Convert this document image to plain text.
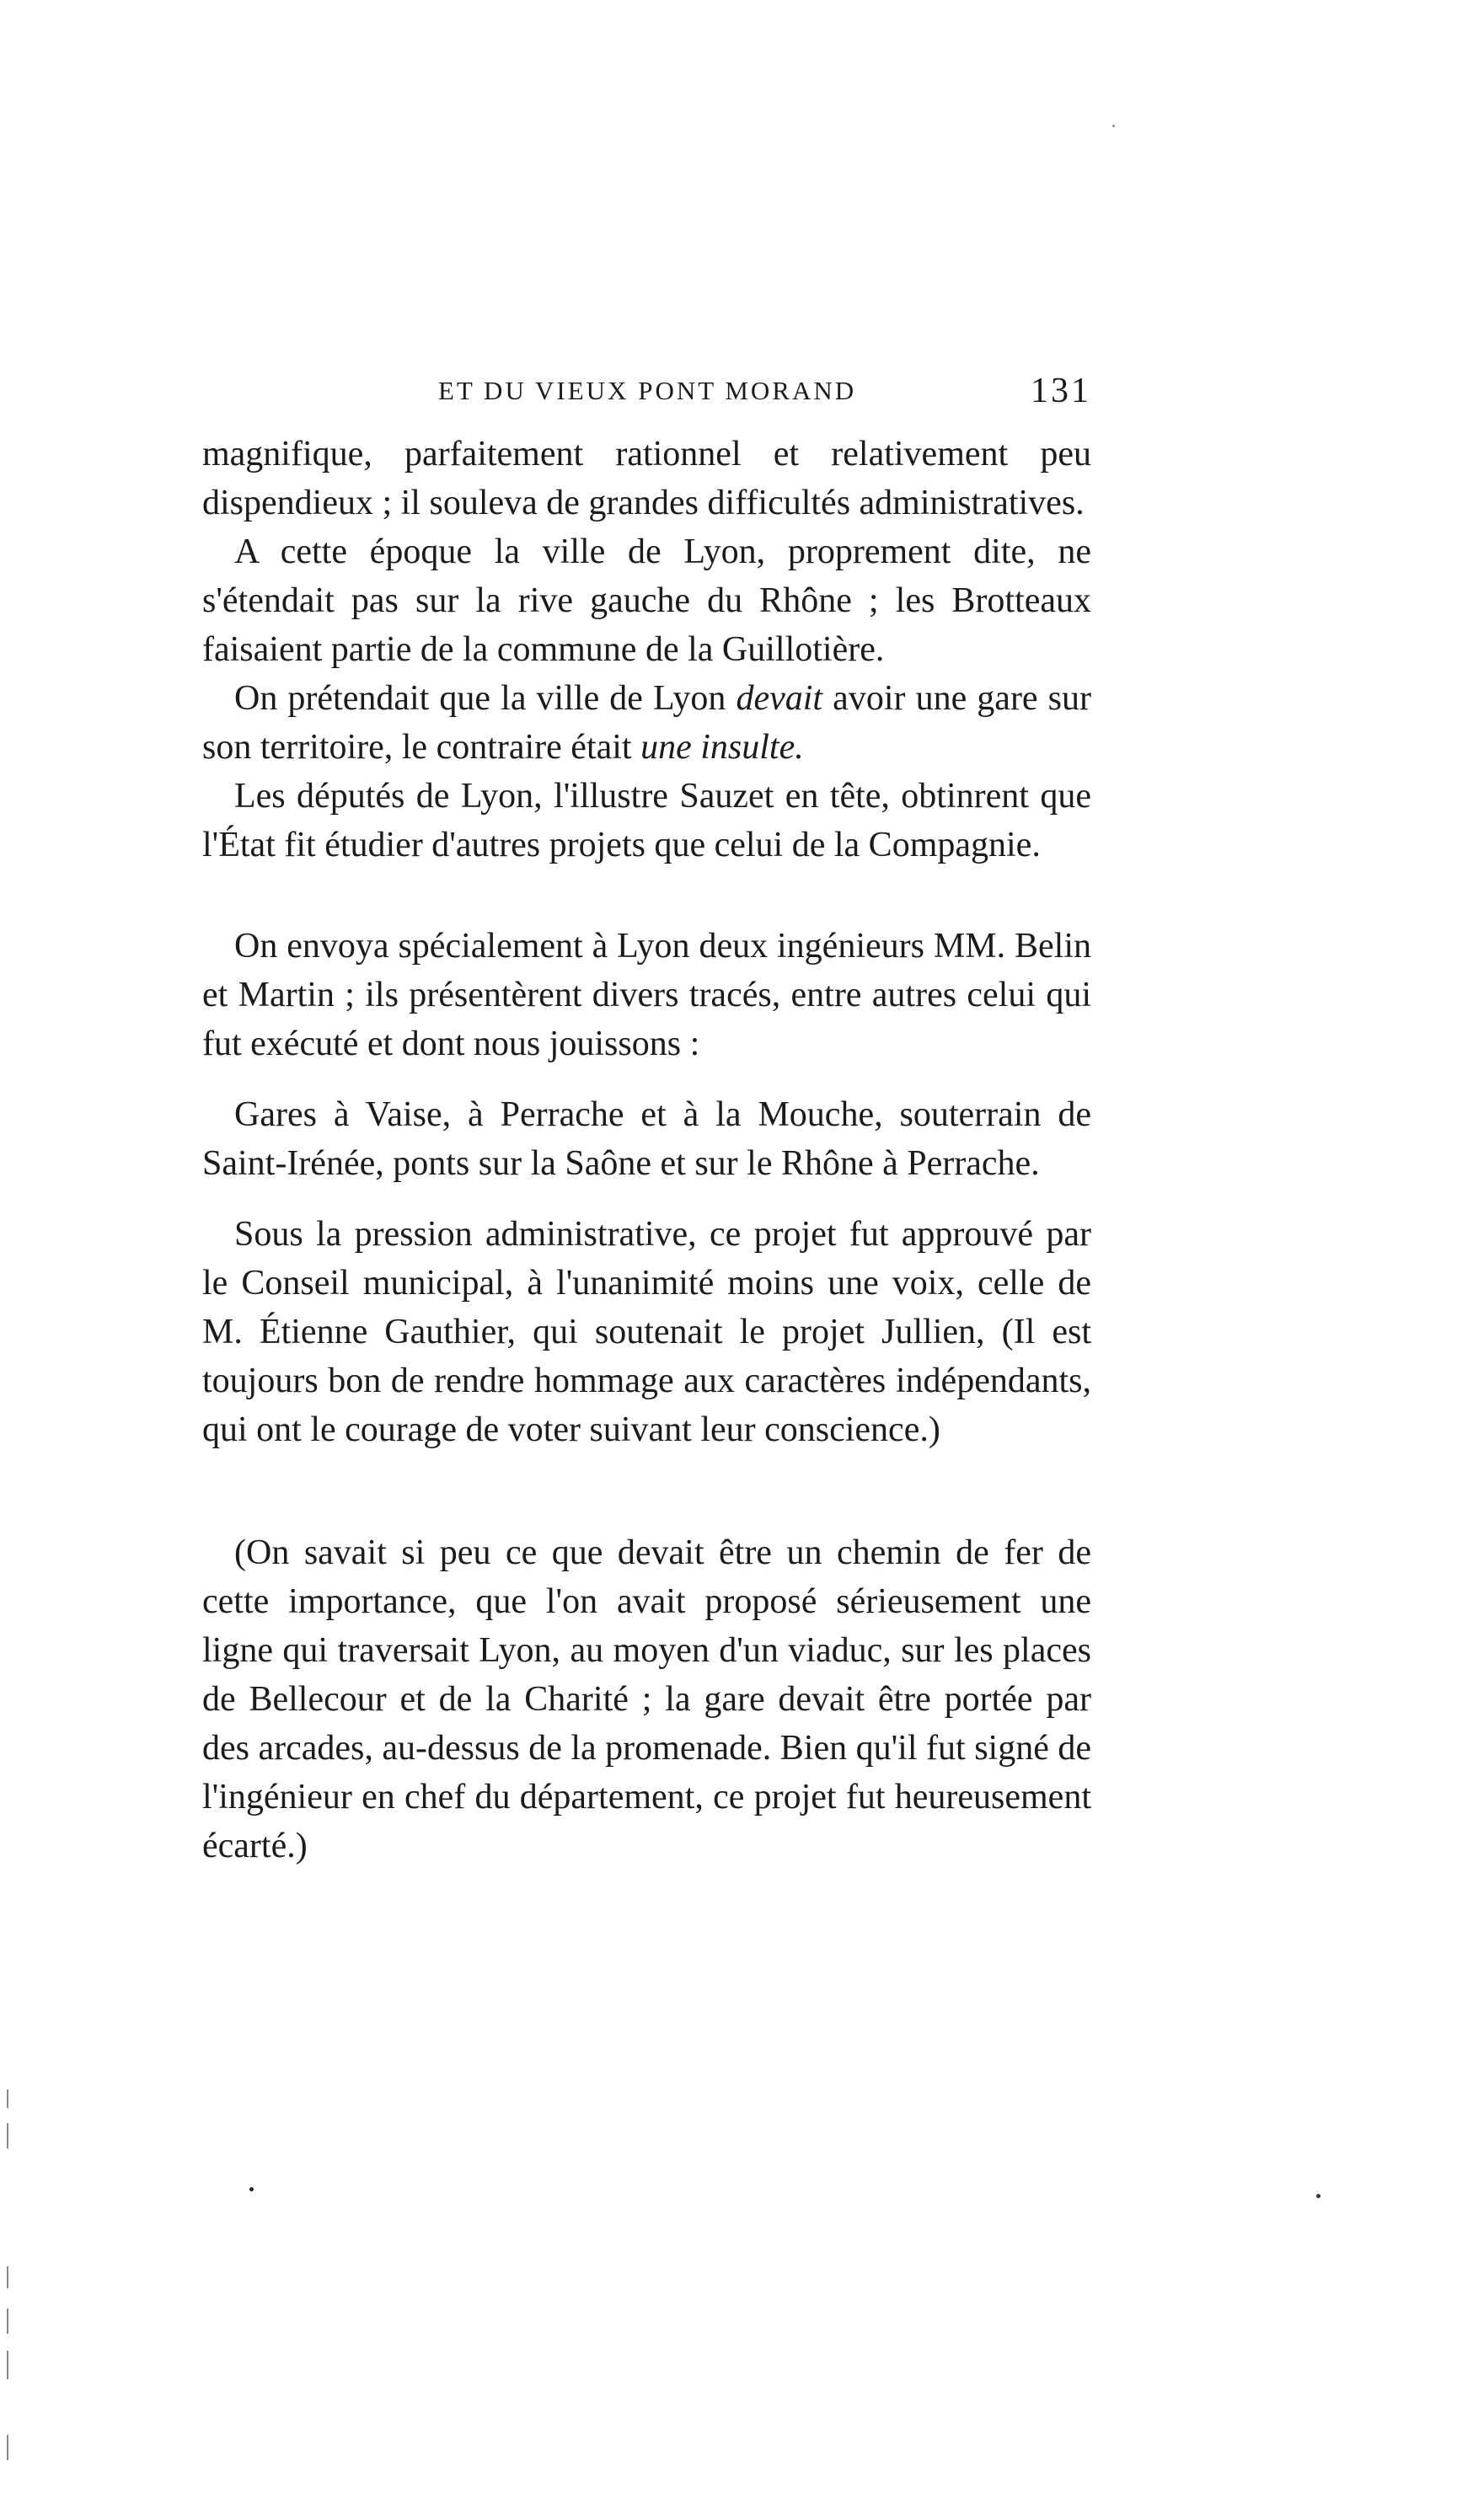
ET DU VIEUX PONT MORAND	131

magnifique, parfaitement rationnel et relativement peu dispendieux ; il souleva de grandes difficultés administratives.

A cette époque la ville de Lyon, proprement dite, ne s'étendait pas sur la rive gauche du Rhône ; les Brotteaux faisaient partie de la commune de la Guillotière.

On prétendait que la ville de Lyon devait avoir une gare sur son territoire, le contraire était une insulte.

Les députés de Lyon, l'illustre Sauzet en tête, obtinrent que l'État fit étudier d'autres projets que celui de la Compagnie.

On envoya spécialement à Lyon deux ingénieurs MM. Belin et Martin ; ils présentèrent divers tracés, entre autres celui qui fut exécuté et dont nous jouissons :

Gares à Vaise, à Perrache et à la Mouche, souterrain de Saint-Irénée, ponts sur la Saône et sur le Rhône à Perrache.

Sous la pression administrative, ce projet fut approuvé par le Conseil municipal, à l'unanimité moins une voix, celle de M. Étienne Gauthier, qui soutenait le projet Jullien, (Il est toujours bon de rendre hommage aux caractères indépendants, qui ont le courage de voter suivant leur conscience.)

(On savait si peu ce que devait être un chemin de fer de cette importance, que l'on avait proposé sérieusement une ligne qui traversait Lyon, au moyen d'un viaduc, sur les places de Bellecour et de la Charité ; la gare devait être portée par des arcades, au-dessus de la promenade. Bien qu'il fut signé de l'ingénieur en chef du département, ce projet fut heureusement écarté.)
